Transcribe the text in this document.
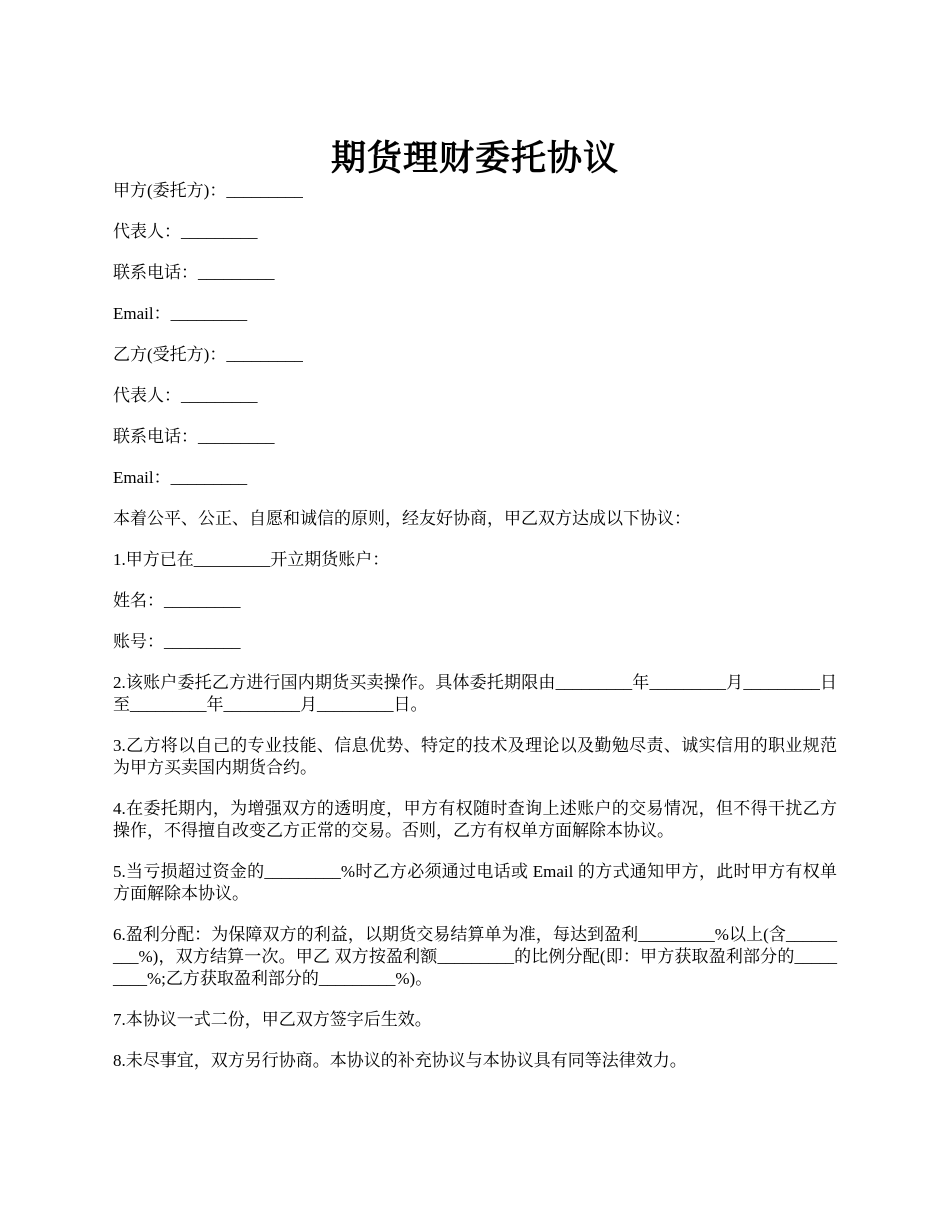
期货理财委托协议

甲方(委托方)：_________

代表人：_________

联系电话：_________

Email：_________

乙方(受托方)：_________

代表人：_________

联系电话：_________

Email：_________

本着公平、公正、自愿和诚信的原则，经友好协商，甲乙双方达成以下协议：

1.甲方已在_________开立期货账户：

姓名：_________

账号：_________

2.该账户委托乙方进行国内期货买卖操作。具体委托期限由_________年_________月_________日至_________年_________月_________日。

3.乙方将以自己的专业技能、信息优势、特定的技术及理论以及勤勉尽责、诚实信用的职业规范为甲方买卖国内期货合约。

4.在委托期内，为增强双方的透明度，甲方有权随时查询上述账户的交易情况，但不得干扰乙方操作，不得擅自改变乙方正常的交易。否则，乙方有权单方面解除本协议。

5.当亏损超过资金的_________%时乙方必须通过电话或 Email 的方式通知甲方，此时甲方有权单方面解除本协议。

6.盈利分配：为保障双方的利益，以期货交易结算单为准，每达到盈利_________%以上(含_________%)，双方结算一次。甲乙 双方按盈利额_________的比例分配(即：甲方获取盈利部分的_________%;乙方获取盈利部分的_________%)。

7.本协议一式二份，甲乙双方签字后生效。

8.未尽事宜，双方另行协商。本协议的补充协议与本协议具有同等法律效力。
